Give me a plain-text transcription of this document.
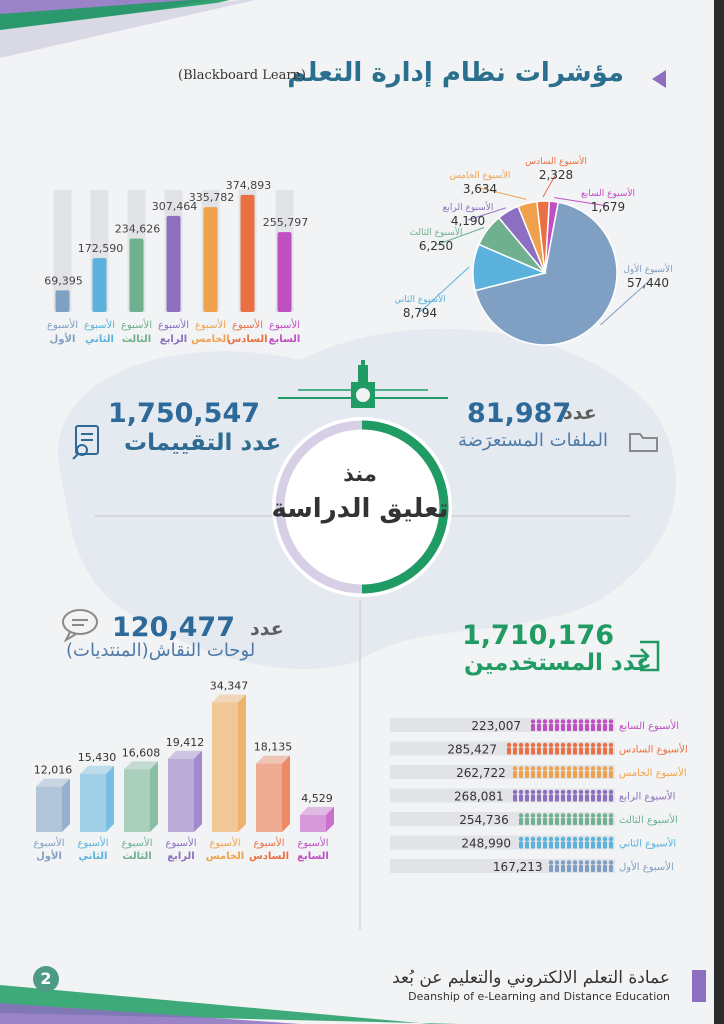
مؤشرات نظام إدارة التعلم
(Blackboard Learn)
69,395
الأسبوع
الأول
172,590
الأسبوع
الثاني
234,626
الأسبوع
الثالث
307,464
الأسبوع
الرابع
335,782
الأسبوع
الخامس
374,893
الأسبوع
السادس
255,797
الأسبوع
السابع
الأسبوع الأول
57,440
الأسبوع الثاني
8,794
الأسبوع الثالث
6,250
الأسبوع الرابع
4,190
الأسبوع الخامس
3,634
الأسبوع السادس
2,328
الأسبوع السابع
1,679
منذ
تعليق الدراسة
1,750,547
عدد التقييمات
81,987
عدد
الملفات المستعرَضة
120,477 عدد
لوحات النقاش(المنتديات)	1,710,176
عدد المستخدمين
12,016
الأسبوع
الأول
15,430
الأسبوع
الثاني
16,608
الأسبوع
الثالث
19,412
الأسبوع
الرابع
34,347
الأسبوع
الخامس
18,135
الأسبوع
السادس
4,529
الأسبوع
السابع
223,007	الأسبوع السابع
285,427	الأسبوع السادس
262,722	الأسبوع الخامس
268,081	الأسبوع الرابع
254,736	الأسبوع الثالث
248,990	الأسبوع الثاني
167,213	الأسبوع الأول
2	عمادة التعلم الالكتروني والتعليم عن بُعد
Deanship of e-Learning and Distance Education
